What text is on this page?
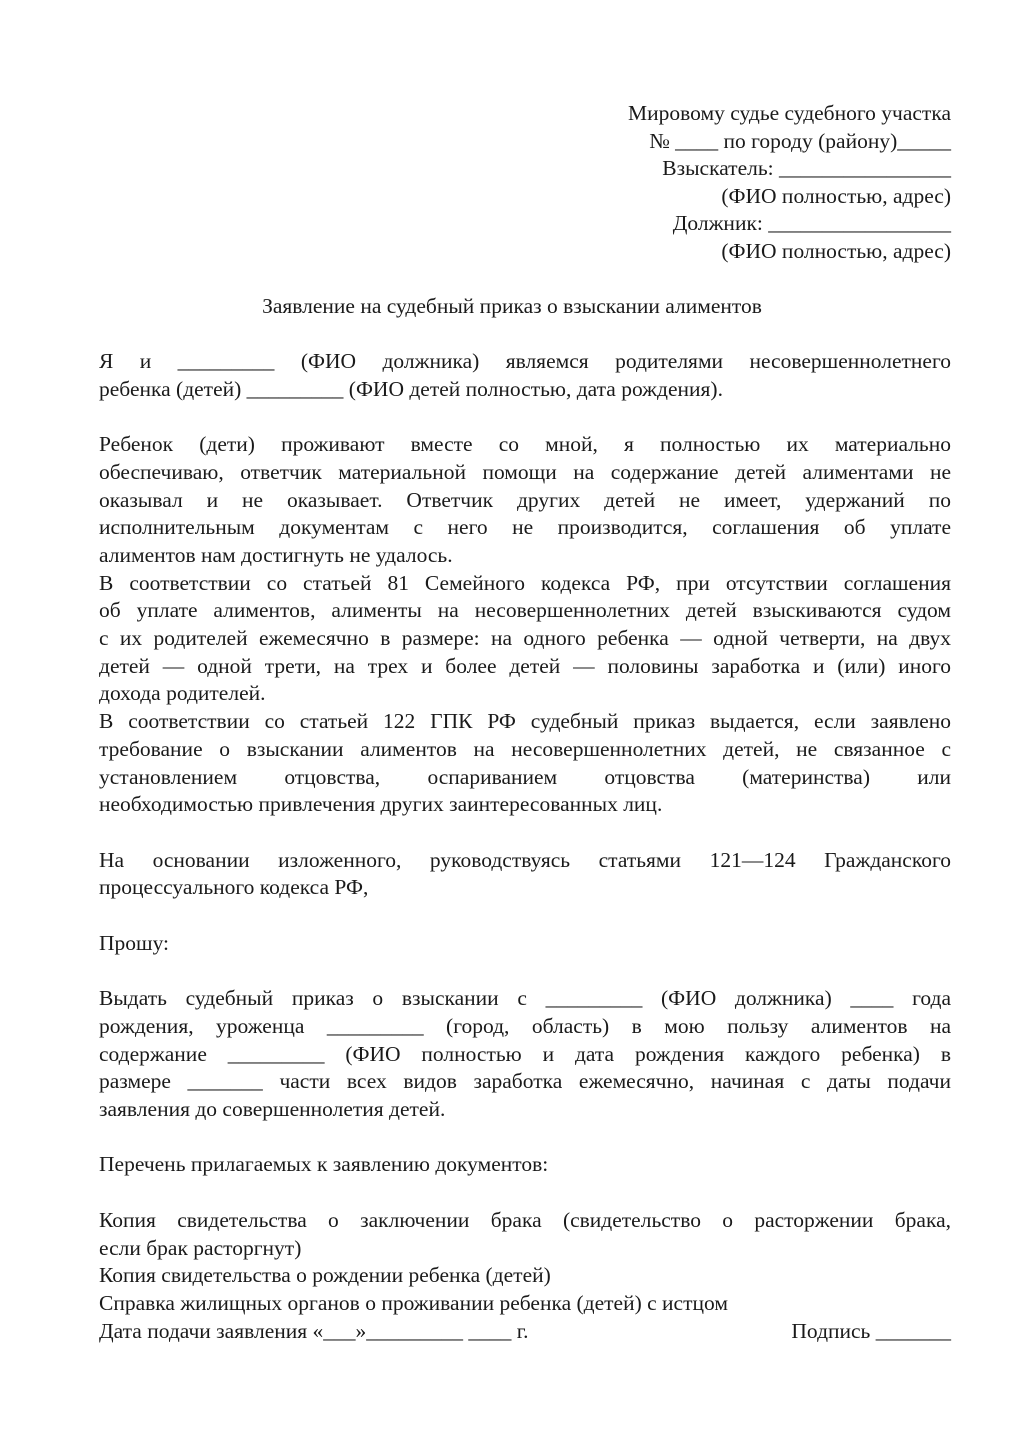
Мировому судье судебного участка
№ ____ по городу (району)_____
Взыскатель: ________________
(ФИО полностью, адрес)
Должник: _________________
(ФИО полностью, адрес)
Заявление на судебный приказ о взыскании алиментов
Я и _________ (ФИО должника) являемся родителями несовершеннолетнего
ребенка (детей) _________ (ФИО детей полностью, дата рождения).
Ребенок (дети) проживают вместе со мной, я полностью их материально
обеспечиваю, ответчик материальной помощи на содержание детей алиментами не
оказывал и не оказывает. Ответчик других детей не имеет, удержаний по
исполнительным документам с него не производится, соглашения об уплате
алиментов нам достигнуть не удалось.
В соответствии со статьей 81 Семейного кодекса РФ, при отсутствии соглашения
об уплате алиментов, алименты на несовершеннолетних детей взыскиваются судом
с их родителей ежемесячно в размере: на одного ребенка — одной четверти, на двух
детей — одной трети, на трех и более детей — половины заработка и (или) иного
дохода родителей.
В соответствии со статьей 122 ГПК РФ судебный приказ выдается, если заявлено
требование о взыскании алиментов на несовершеннолетних детей, не связанное с
установлением отцовства, оспариванием отцовства (материнства) или
необходимостью привлечения других заинтересованных лиц.
На основании изложенного, руководствуясь статьями 121—124 Гражданского
процессуального кодекса РФ,
Прошу:
Выдать судебный приказ о взыскании с _________ (ФИО должника) ____ года
рождения, уроженца _________ (город, область) в мою пользу алиментов на
содержание _________ (ФИО полностью и дата рождения каждого ребенка) в
размере _______ части всех видов заработка ежемесячно, начиная с даты подачи
заявления до совершеннолетия детей.
Перечень прилагаемых к заявлению документов:
Копия свидетельства о заключении брака (свидетельство о расторжении брака,
если брак расторгнут)
Копия свидетельства о рождении ребенка (детей)
Справка жилищных органов о проживании ребенка (детей) с истцом
Дата подачи заявления «___»_________ ____ г.	Подпись _______
